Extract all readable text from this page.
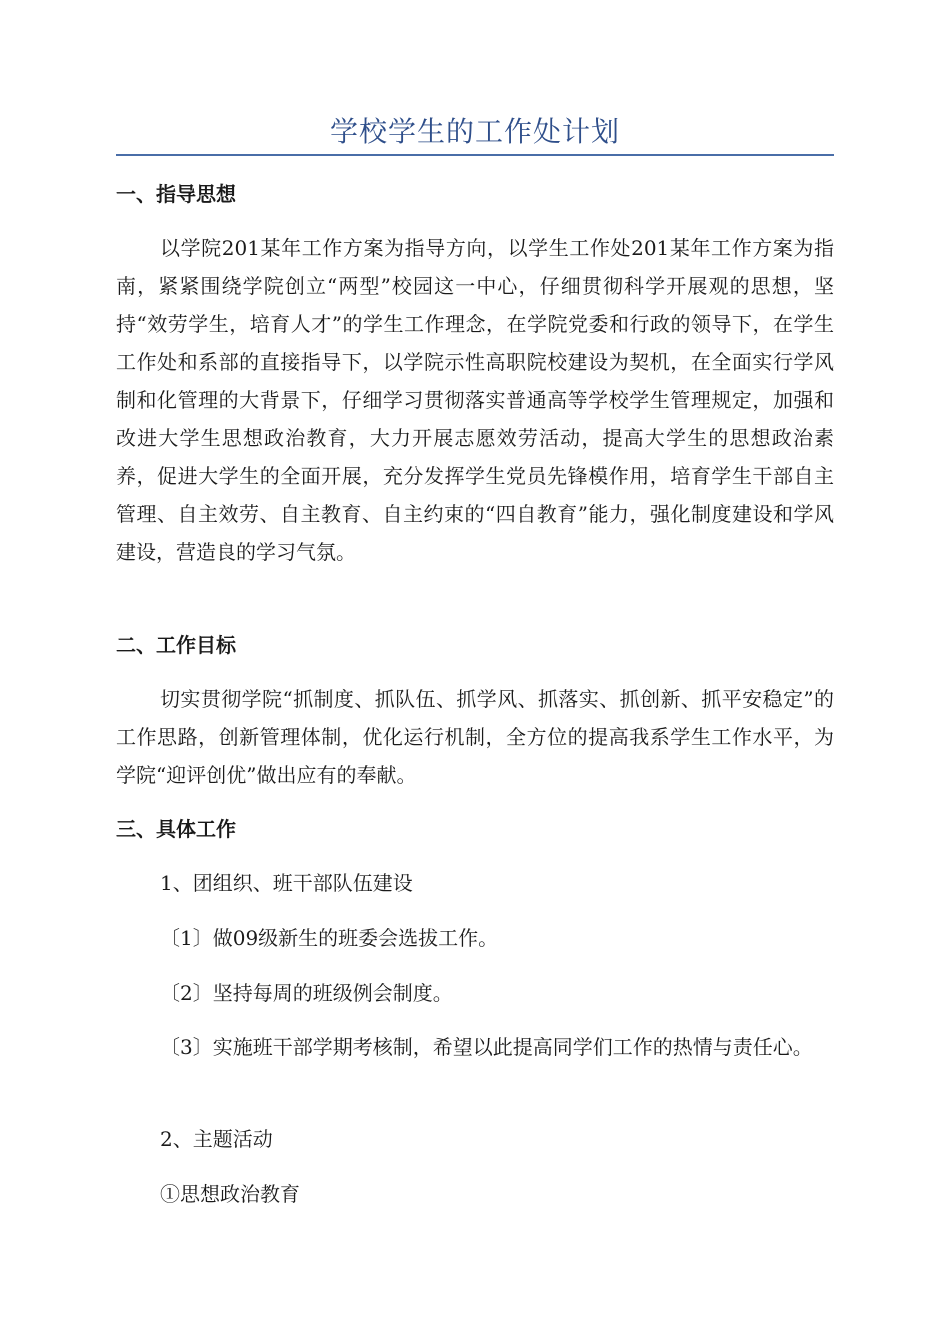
学校学生的工作处计划
一、指导思想

以学院201某年工作方案为指导方向，以学生工作处201某年工作方案为指南，紧紧围绕学院创立“两型”校园这一中心，仔细贯彻科学开展观的思想，坚持“效劳学生，培育人才”的学生工作理念，在学院党委和行政的领导下，在学生工作处和系部的直接指导下，以学院示性高职院校建设为契机，在全面实行学风制和化管理的大背景下，仔细学习贯彻落实普通高等学校学生管理规定，加强和改进大学生思想政治教育，大力开展志愿效劳活动，提高大学生的思想政治素养，促进大学生的全面开展，充分发挥学生党员先锋模作用，培育学生干部自主管理、自主效劳、自主教育、自主约束的“四自教育”能力，强化制度建设和学风建设，营造良的学习气氛。

二、工作目标

切实贯彻学院“抓制度、抓队伍、抓学风、抓落实、抓创新、抓平安稳定”的工作思路，创新管理体制，优化运行机制，全方位的提高我系学生工作水平，为学院“迎评创优”做出应有的奉献。

三、具体工作
1、团组织、班干部队伍建设
〔1〕做09级新生的班委会选拔工作。
〔2〕坚持每周的班级例会制度。
〔3〕实施班干部学期考核制，希望以此提高同学们工作的热情与责任心。
2、主题活动
①思想政治教育
